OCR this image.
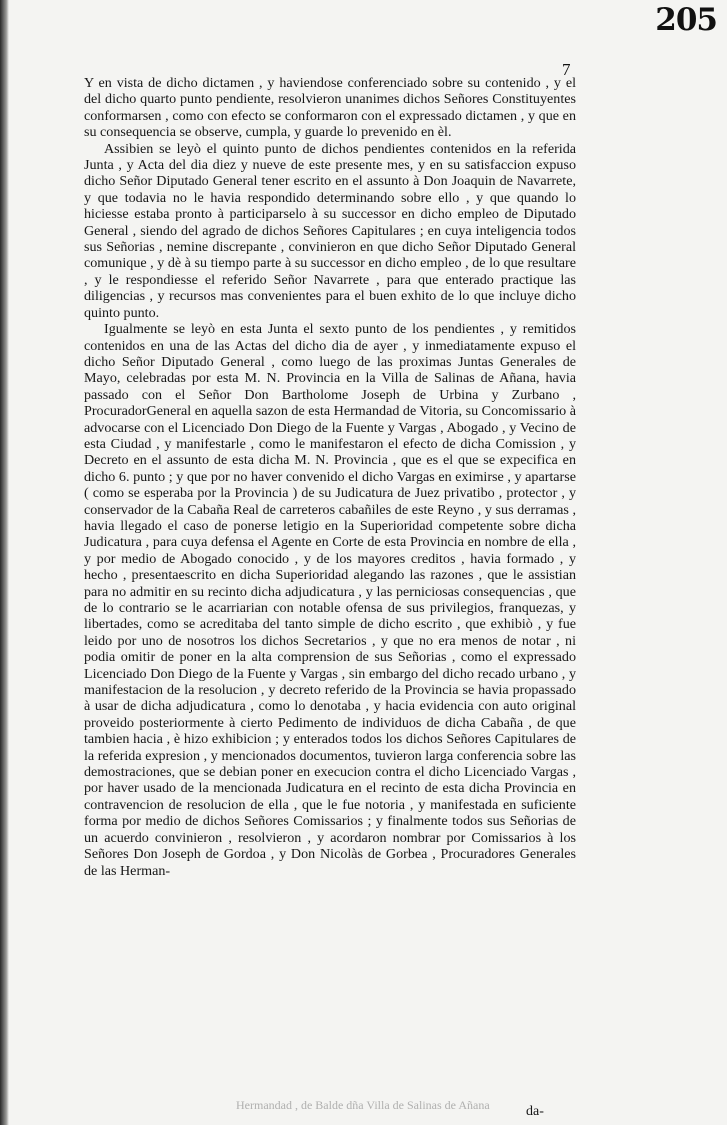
205
7

Y en vista de dicho dictamen , y haviendose conferenciado sobre su contenido , y el del dicho quarto punto pendiente, resolvieron unanimes dichos Señores Constituyentes conformarsen , como con efecto se conformaron con el expressado dictamen , y que en su consequencia se observe, cumpla, y guarde lo prevenido en èl.

Assibien se leyò el quinto punto de dichos pendientes contenidos en la referida Junta , y Acta del dia diez y nueve de este presente mes, y en su satisfaccion expuso dicho Señor Diputado General tener escrito en el assunto à Don Joaquin de Navarrete, y que todavia no le havia respondido determinando sobre ello , y que quando lo hiciesse estaba pronto à participarselo à su successor en dicho empleo de Diputado General , siendo del agrado de dichos Señores Capitulares ; en cuya inteligencia todos sus Señorias , nemine discrepante , convinieron en que dicho Señor Diputado General comunique , y dè à su tiempo parte à su successor en dicho empleo , de lo que resultare , y le respondiesse el referido Señor Navarrete , para que enterado practique las diligencias , y recursos mas convenientes para el buen exhito de lo que incluye dicho quinto punto.

Igualmente se leyò en esta Junta el sexto punto de los pendientes , y remitidos contenidos en una de las Actas del dicho dia de ayer , y inmediatamente expuso el dicho Señor Diputado General , como luego de las proximas Juntas Generales de Mayo, celebradas por esta M. N. Provincia en la Villa de Salinas de Añana, havia passado con el Señor Don Bartholome Joseph de Urbina y Zurbano , ProcuradorGeneral en aquella sazon de esta Hermandad de Vitoria, su Concomissario à advocarse con el Licenciado Don Diego de la Fuente y Vargas , Abogado , y Vecino de esta Ciudad , y manifestarle , como le manifestaron el efecto de dicha Comission , y Decreto en el assunto de esta dicha M. N. Provincia , que es el que se expecifica en dicho 6. punto ; y que por no haver convenido el dicho Vargas en eximirse , y apartarse ( como se esperaba por la Provincia ) de su Judicatura de Juez privatibo , protector , y conservador de la Cabaña Real de carreteros cabañiles de este Reyno , y sus derramas , havia llegado el caso de ponerse letigio en la Superioridad competente sobre dicha Judicatura , para cuya defensa el Agente en Corte de esta Provincia en nombre de ella , y por medio de Abogado conocido , y de los mayores creditos , havia formado , y hecho , presentaescrito en dicha Superioridad alegando las razones , que le assistian para no admitir en su recinto dicha adjudicatura , y las perniciosas consequencias , que de lo contrario se le acarriarian con notable ofensa de sus privilegios, franquezas, y libertades, como se acreditaba del tanto simple de dicho escrito , que exhibiò , y fue leido por uno de nosotros los dichos Secretarios , y que no era menos de notar , ni podia omitir de poner en la alta comprension de sus Señorias , como el expressado Licenciado Don Diego de la Fuente y Vargas , sin embargo del dicho recado urbano , y manifestacion de la resolucion , y decreto referido de la Provincia se havia propassado à usar de dicha adjudicatura , como lo denotaba , y hacia evidencia con auto original proveido posteriormente à cierto Pedimento de individuos de dicha Cabaña , de que tambien hacia , è hizo exhibicion ; y enterados todos los dichos Señores Capitulares de la referida expresion , y mencionados documentos, tuvieron larga conferencia sobre las demostraciones, que se debian poner en execucion contra el dicho Licenciado Vargas , por haver usado de la mencionada Judicatura en el recinto de esta dicha Provincia en contravencion de resolucion de ella , que le fue notoria , y manifestada en suficiente forma por medio de dichos Señores Comissarios ; y finalmente todos sus Señorias de un acuerdo convinieron , resolvieron , y acordaron nombrar por Comissarios à los Señores Don Joseph de Gordoa , y Don Nicolàs de Gorbea , Procuradores Generales de las Herman-

Hermandad , de Balde dña Villa de Salinas de Añana	da-
